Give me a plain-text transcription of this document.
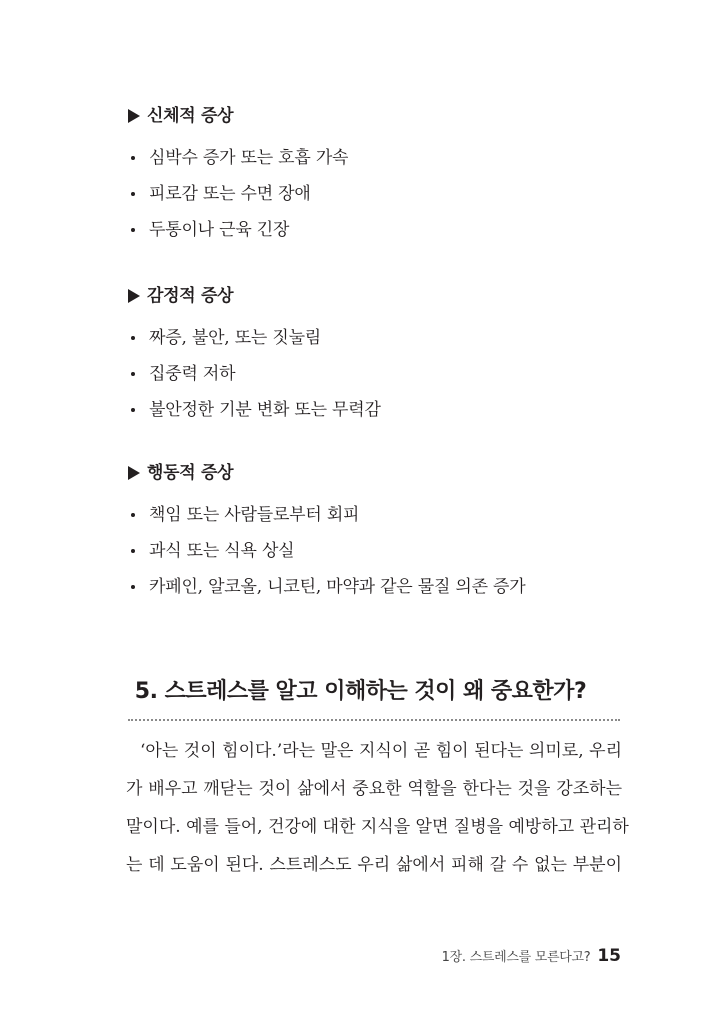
신체적 증상
심박수 증가 또는 호흡 가속
피로감 또는 수면 장애
두통이나 근육 긴장
감정적 증상
짜증, 불안, 또는 짓눌림
집중력 저하
불안정한 기분 변화 또는 무력감
행동적 증상
책임 또는 사람들로부터 회피
과식 또는 식욕 상실
카페인, 알코올, 니코틴, 마약과 같은 물질 의존 증가
5. 스트레스를 알고 이해하는 것이 왜 중요한가?
‘아는 것이 힘이다.’라는 말은 지식이 곧 힘이 된다는 의미로, 우리
가 배우고 깨닫는 것이 삶에서 중요한 역할을 한다는 것을 강조하는
말이다. 예를 들어, 건강에 대한 지식을 알면 질병을 예방하고 관리하
는 데 도움이 된다. 스트레스도 우리 삶에서 피해 갈 수 없는 부분이
1장. 스트레스를 모른다고? 15
